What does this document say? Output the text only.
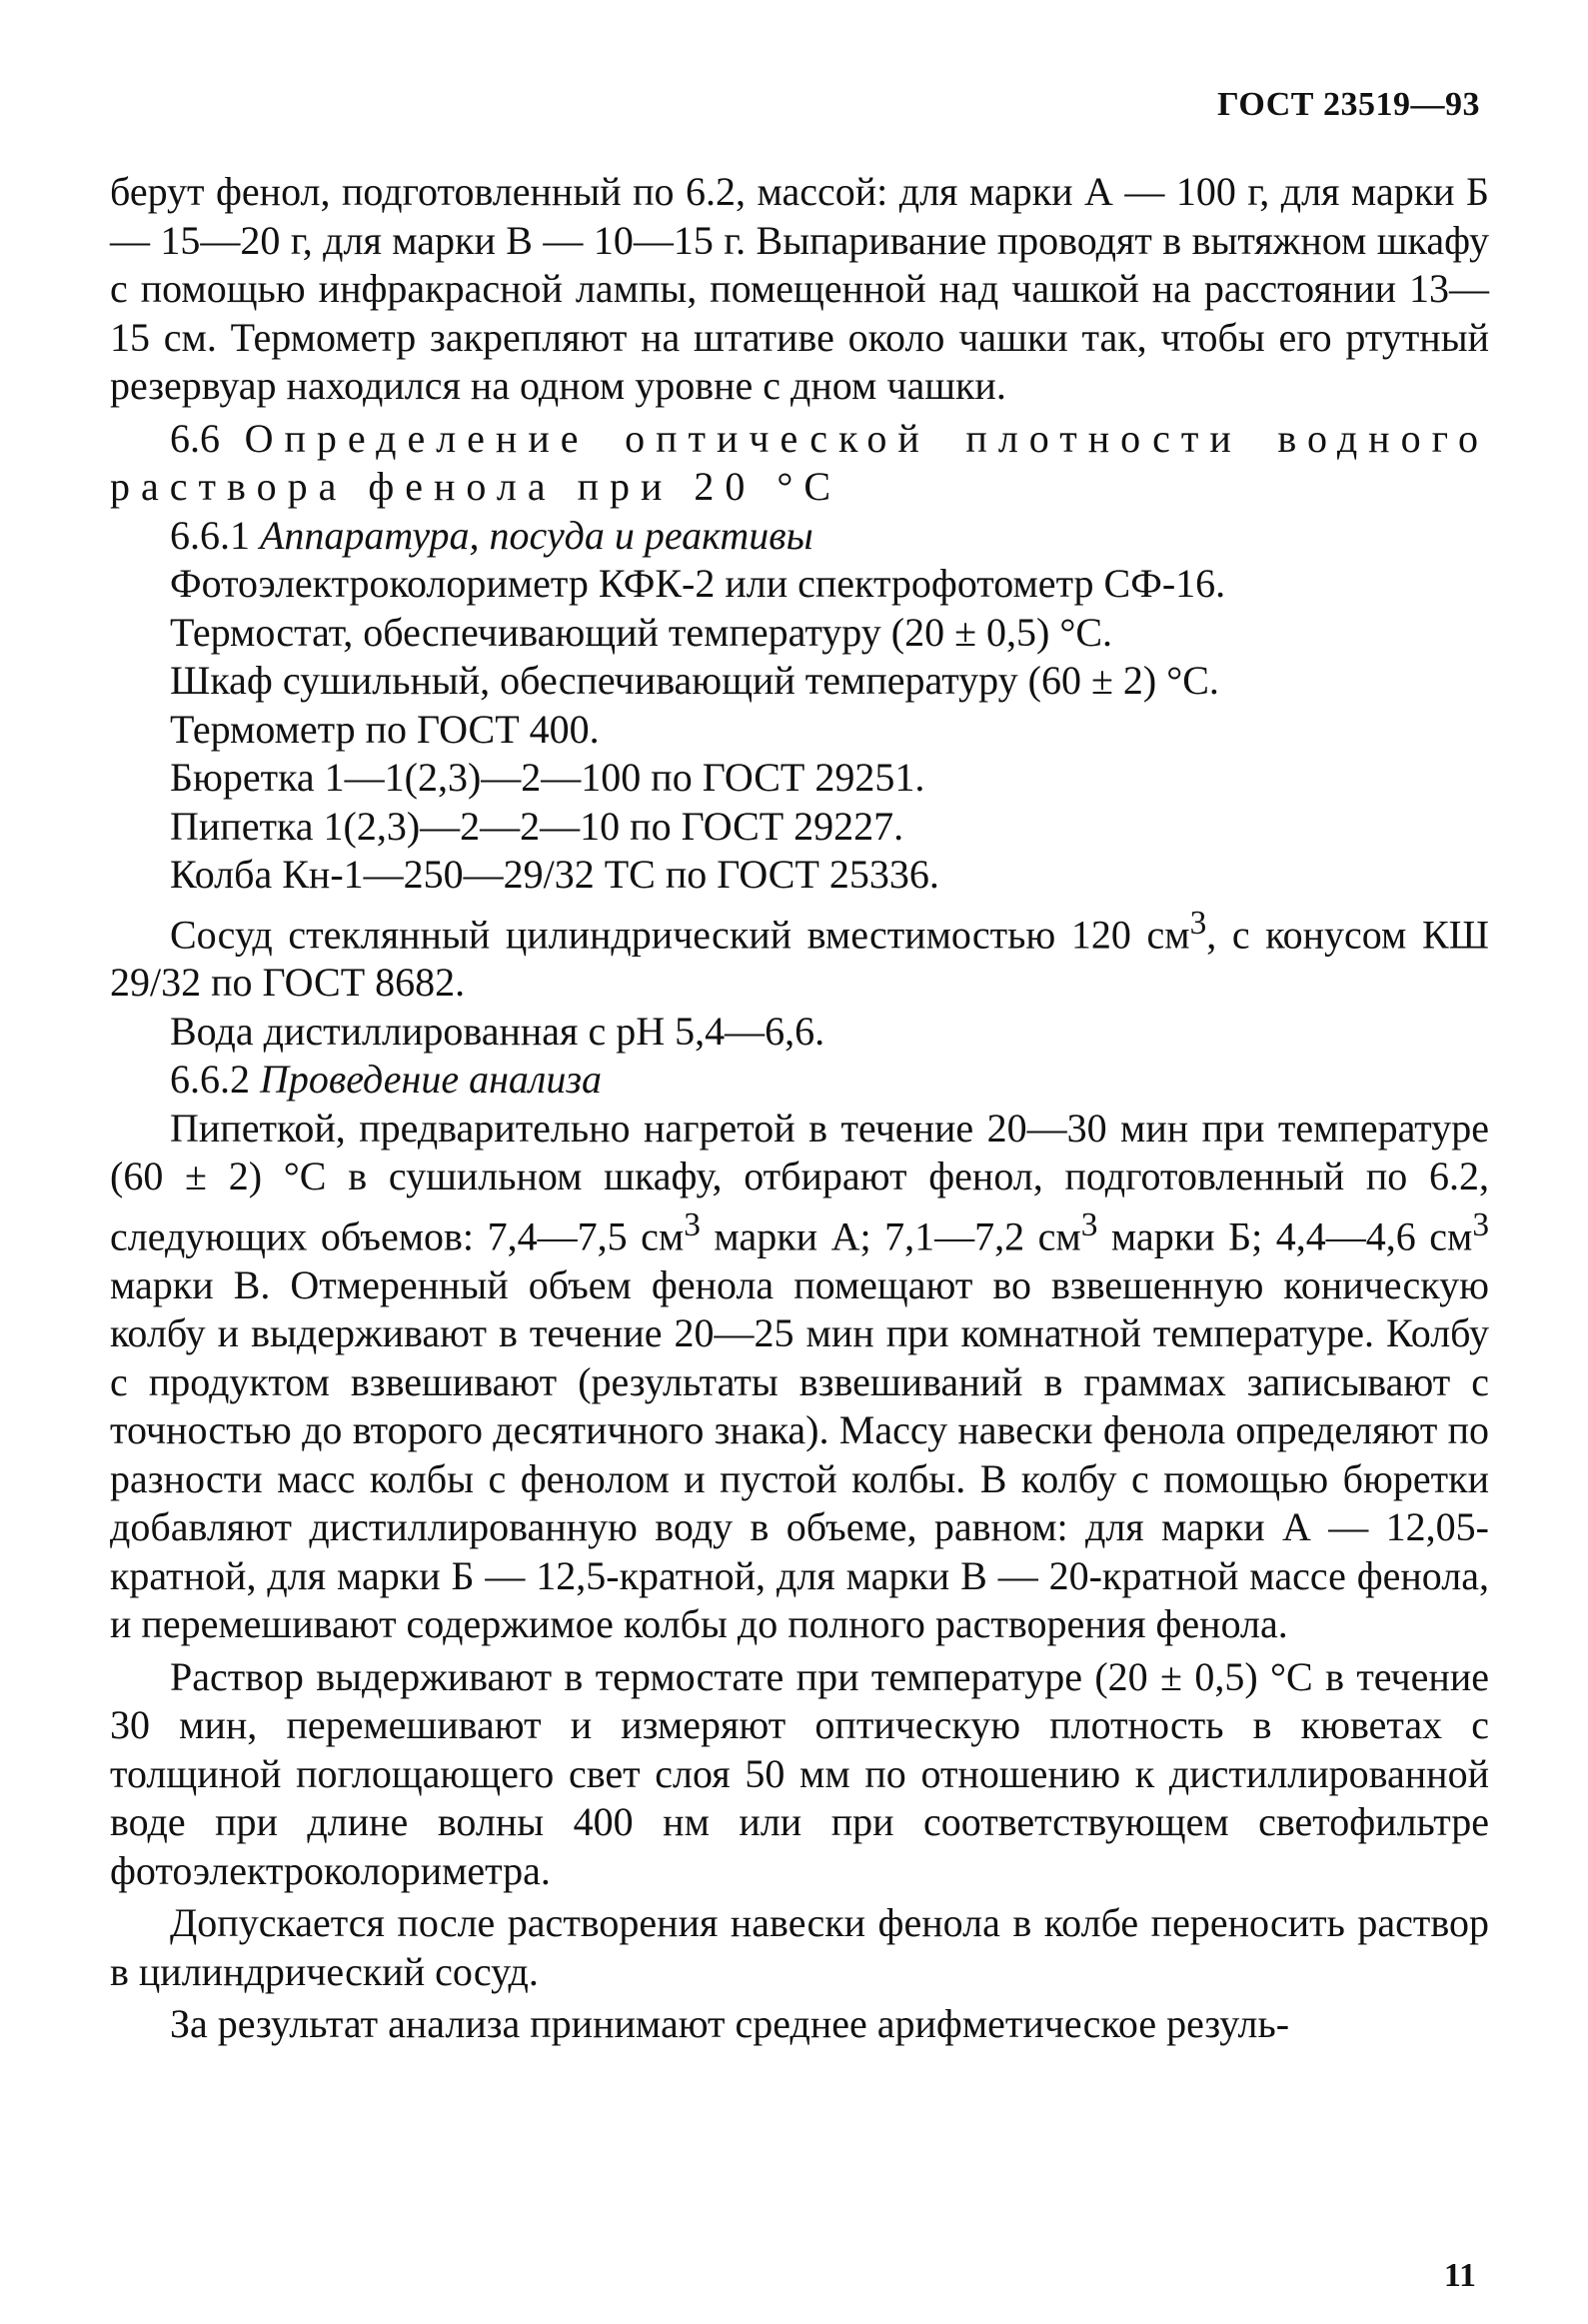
ГОСТ 23519—93

берут фенол, подготовленный по 6.2, массой: для марки А — 100 г, для марки Б — 15—20 г, для марки В — 10—15 г. Выпаривание проводят в вытяжном шкафу с помощью инфракрасной лампы, помещенной над чашкой на расстоянии 13—15 см. Термометр закрепляют на штативе около чашки так, чтобы его ртутный резервуар находился на одном уровне с дном чашки.

6.6 Определение оптической плотности водного раствора фенола при 20 °C

6.6.1 Аппаратура, посуда и реактивы

Фотоэлектроколориметр КФК-2 или спектрофотометр СФ-16.

Термостат, обеспечивающий температуру (20 ± 0,5) °C.

Шкаф сушильный, обеспечивающий температуру (60 ± 2) °C.

Термометр по ГОСТ 400.

Бюретка 1—1(2,3)—2—100 по ГОСТ 29251.

Пипетка 1(2,3)—2—2—10 по ГОСТ 29227.

Колба Кн-1—250—29/32 ТС по ГОСТ 25336.

Сосуд стеклянный цилиндрический вместимостью 120 $см^3$, с конусом КШ 29/32 по ГОСТ 8682.

Вода дистиллированная с pH 5,4—6,6.

6.6.2 Проведение анализа

Пипеткой, предварительно нагретой в течение 20—30 мин при температуре (60 ± 2) °C в сушильном шкафу, отбирают фенол, подготовленный по 6.2, следующих объемов: 7,4—7,5 $см^3$ марки А; 7,1—7,2 $см^3$ марки Б; 4,4—4,6 $см^3$ марки В. Отмеренный объем фенола помещают во взвешенную коническую колбу и выдерживают в течение 20—25 мин при комнатной температуре. Колбу с продуктом взвешивают (результаты взвешиваний в граммах записывают с точностью до второго десятичного знака). Массу навески фенола определяют по разности масс колбы с фенолом и пустой колбы. В колбу с помощью бюретки добавляют дистиллированную воду в объеме, равном: для марки А — 12,05-кратной, для марки Б — 12,5-кратной, для марки В — 20-кратной массе фенола, и перемешивают содержимое колбы до полного растворения фенола.

Раствор выдерживают в термостате при температуре (20 ± 0,5) °C в течение 30 мин, перемешивают и измеряют оптическую плотность в кюветах с толщиной поглощающего свет слоя 50 мм по отношению к дистиллированной воде при длине волны 400 нм или при соответствующем светофильтре фотоэлектроколориметра.

Допускается после растворения навески фенола в колбе переносить раствор в цилиндрический сосуд.

За результат анализа принимают среднее арифметическое резуль-

11
